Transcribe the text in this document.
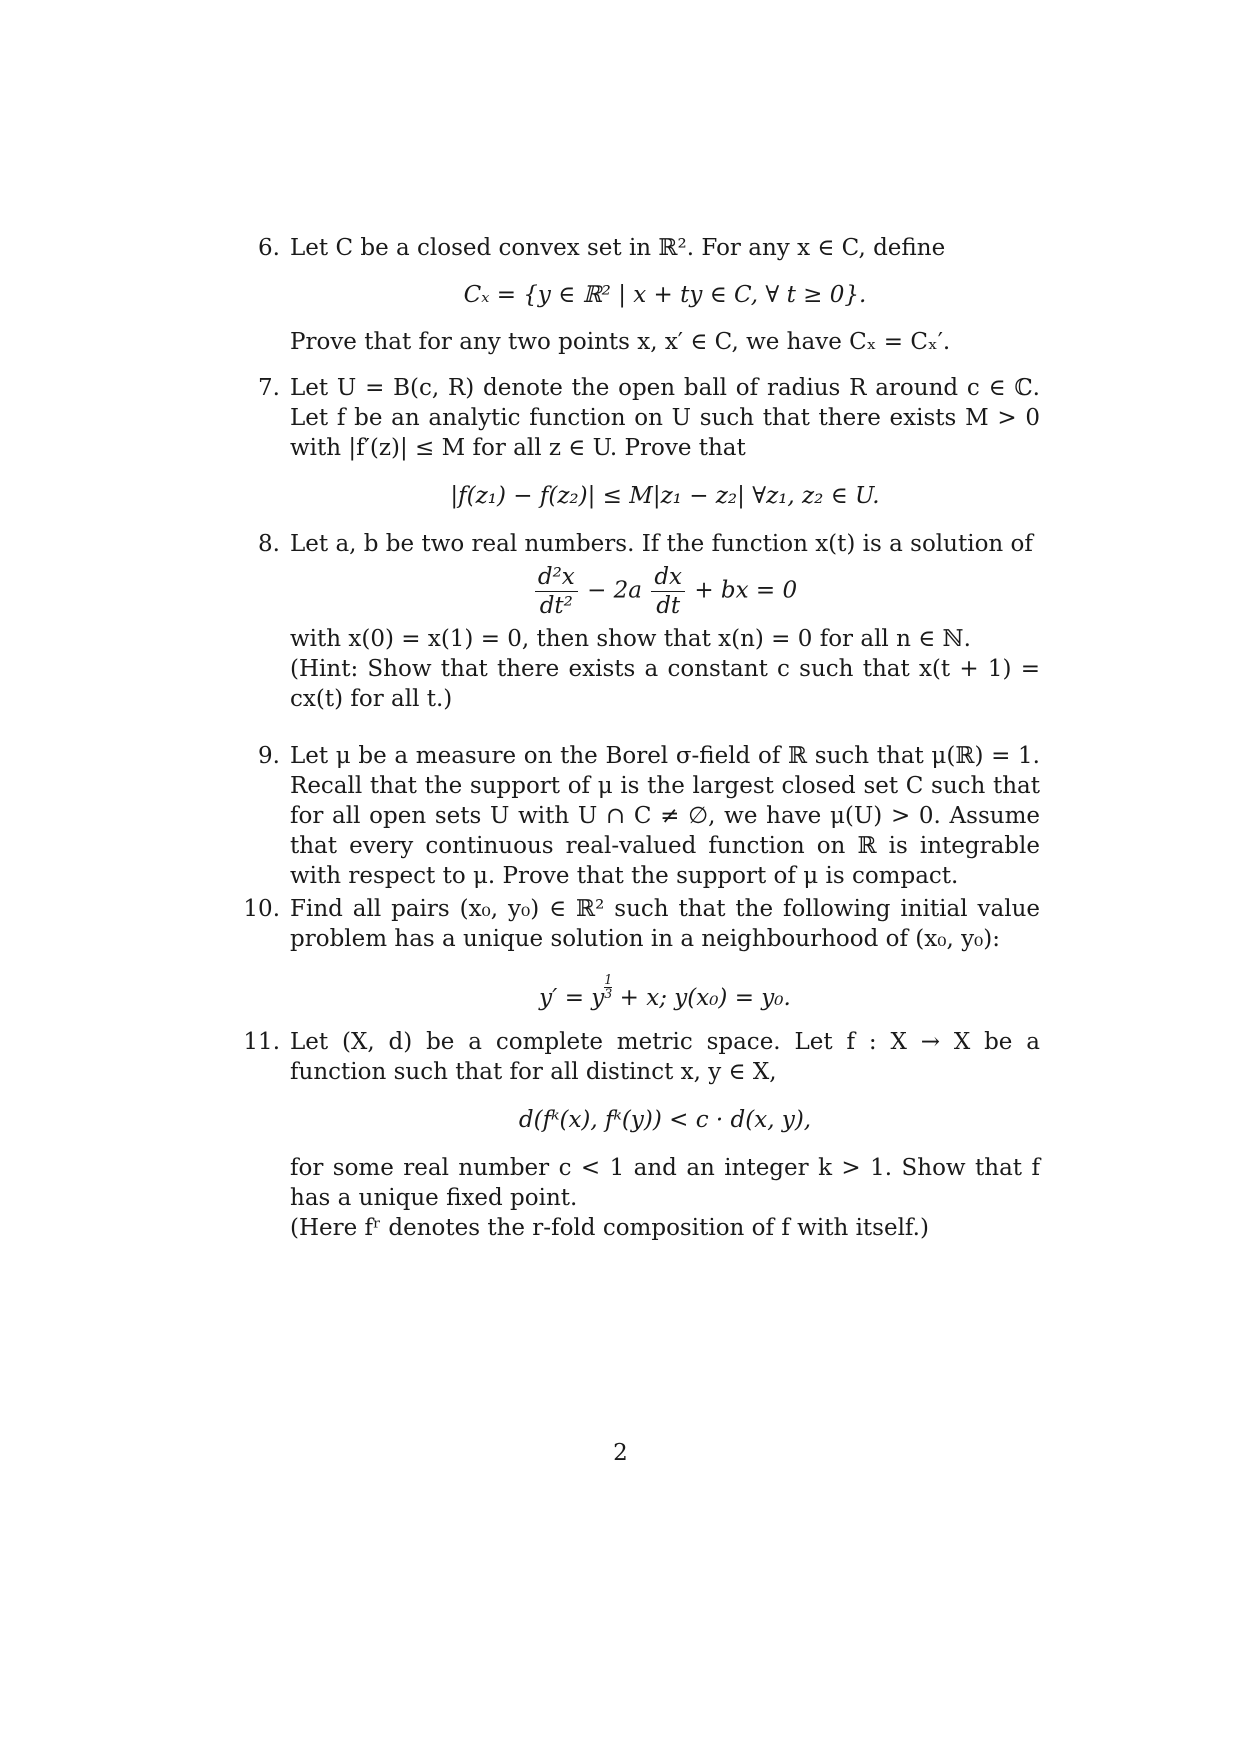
6. Let C be a closed convex set in ℝ². For any x ∈ C, define

Cₓ = {y ∈ ℝ² | x + ty ∈ C, ∀ t ≥ 0}.

Prove that for any two points x, x′ ∈ C, we have Cₓ = Cₓ′.

7. Let U = B(c, R) denote the open ball of radius R around c ∈ ℂ. Let f be an analytic function on U such that there exists M > 0 with |f′(z)| ≤ M for all z ∈ U. Prove that

|f(z₁) − f(z₂)| ≤ M|z₁ − z₂| ∀z₁, z₂ ∈ U.

8. Let a, b be two real numbers. If the function x(t) is a solution of

$\frac{\text{d²x}}{\text{dt²}} - 2a \frac{dx}{dt}$ + bx = 0

with x(0) = x(1) = 0, then show that x(n) = 0 for all n ∈ ℕ.

(Hint: Show that there exists a constant c such that x(t + 1) = cx(t) for all t.)

9. Let μ be a measure on the Borel σ-field of ℝ such that μ(ℝ) = 1. Recall that the support of μ is the largest closed set C such that for all open sets U with U ∩ C ≠ ∅, we have μ(U) > 0. Assume that every continuous real-valued function on ℝ is integrable with respect to μ. Prove that the support of μ is compact.

10. Find all pairs (x₀, y₀) ∈ ℝ² such that the following initial value problem has a unique solution in a neighbourhood of (x₀, y₀):

y′ = y $\frac{1}{3} + x$; y(x₀) = y₀.

11. Let (X, d) be a complete metric space. Let f : X → X be a function such that for all distinct x, y ∈ X,

d(fᵏ(x), fᵏ(y)) < c · d(x, y),

for some real number c < 1 and an integer k > 1. Show that f has a unique fixed point.

(Here fʳ denotes the r-fold composition of f with itself.)

2
